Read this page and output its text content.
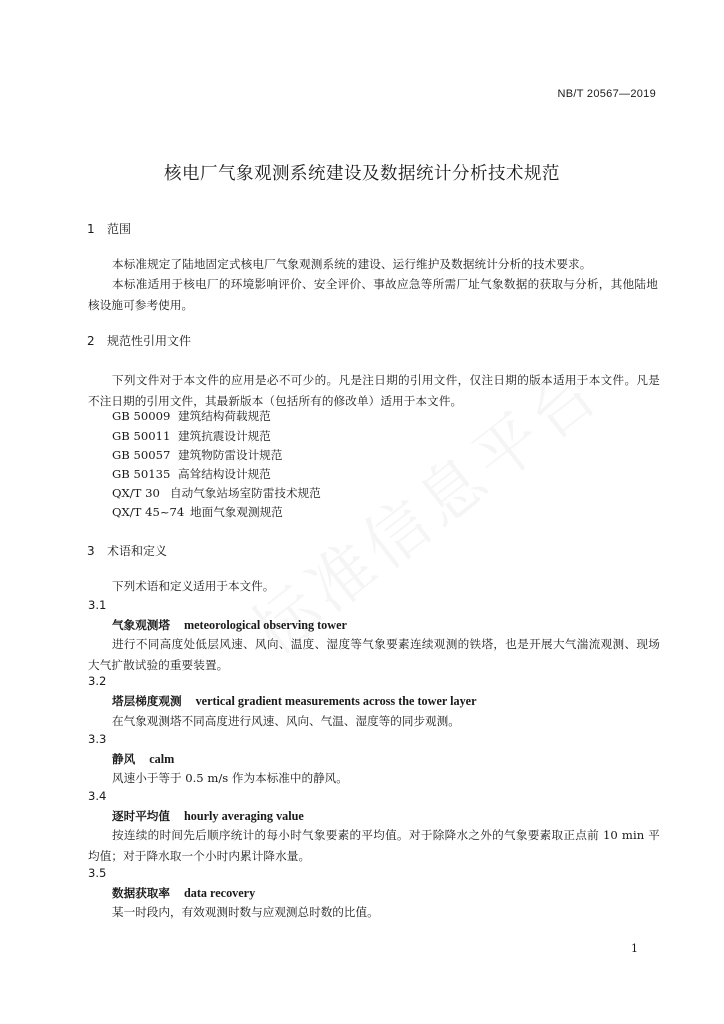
NB/T 20567—2019
核电厂气象观测系统建设及数据统计分析技术规范
1 范围
本标准规定了陆地固定式核电厂气象观测系统的建设、运行维护及数据统计分析的技术要求。
本标准适用于核电厂的环境影响评价、安全评价、事故应急等所需厂址气象数据的获取与分析，其他陆地核设施可参考使用。
2 规范性引用文件
下列文件对于本文件的应用是必不可少的。凡是注日期的引用文件，仅注日期的版本适用于本文件。凡是不注日期的引用文件，其最新版本（包括所有的修改单）适用于本文件。
GB 50009 建筑结构荷载规范
GB 50011 建筑抗震设计规范
GB 50057 建筑物防雷设计规范
GB 50135 高耸结构设计规范
QX/T 30 自动气象站场室防雷技术规范
QX/T 45~74 地面气象观测规范
3 术语和定义
下列术语和定义适用于本文件。
3.1
气象观测塔 meteorological observing tower
进行不同高度处低层风速、风向、温度、湿度等气象要素连续观测的铁塔，也是开展大气湍流观测、现场大气扩散试验的重要装置。
3.2
塔层梯度观测 vertical gradient measurements across the tower layer
在气象观测塔不同高度进行风速、风向、气温、湿度等的同步观测。
3.3
静风 calm
风速小于等于 0.5 m/s 作为本标准中的静风。
3.4
逐时平均值 hourly averaging value
按连续的时间先后顺序统计的每小时气象要素的平均值。对于除降水之外的气象要素取正点前 10 min 平均值；对于降水取一个小时内累计降水量。
3.5
数据获取率 data recovery
某一时段内，有效观测时数与应观测总时数的比值。
1
